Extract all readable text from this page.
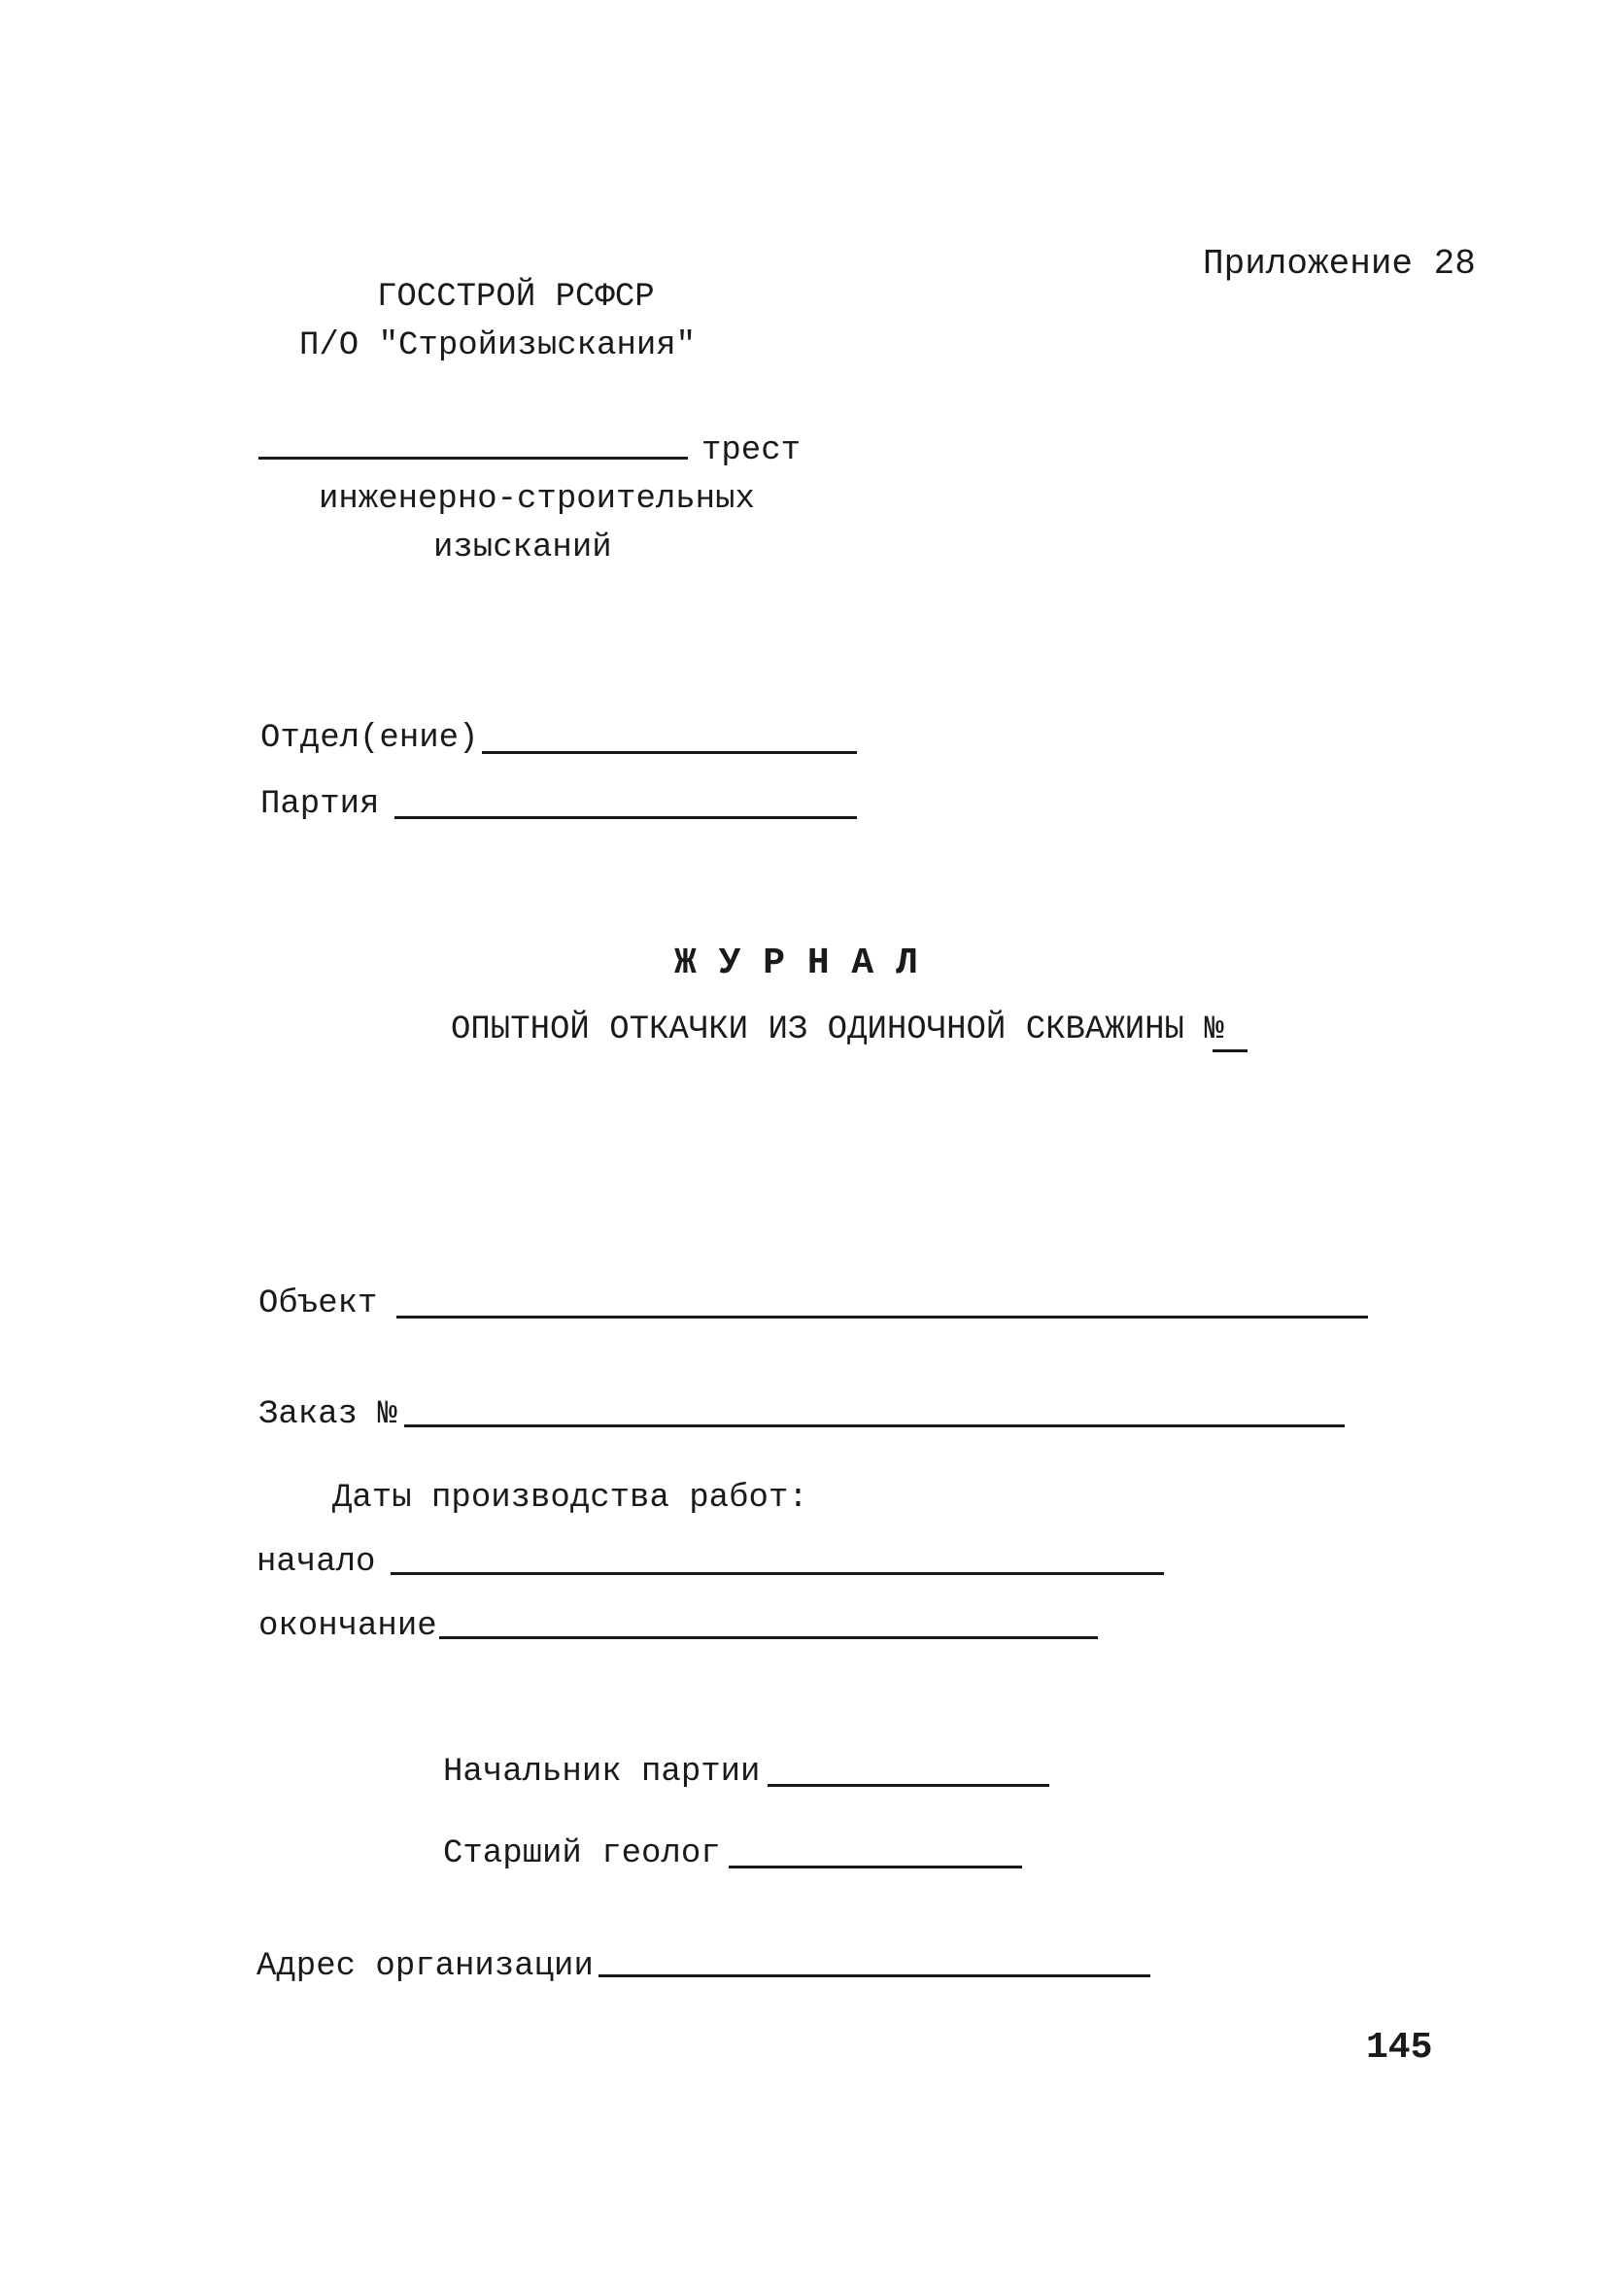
Приложение 28
ГОССТРОЙ РСФСР
П/О "Стройизыскания"
трест
инженерно-строительных
изысканий
Отдел(ение)
Партия
Ж У Р Н А Л
ОПЫТНОЙ ОТКАЧКИ ИЗ ОДИНОЧНОЙ СКВАЖИНЫ №
Объект
Заказ №
Даты производства работ:
начало
окончание
Начальник партии
Старший геолог
Адрес организации
145
